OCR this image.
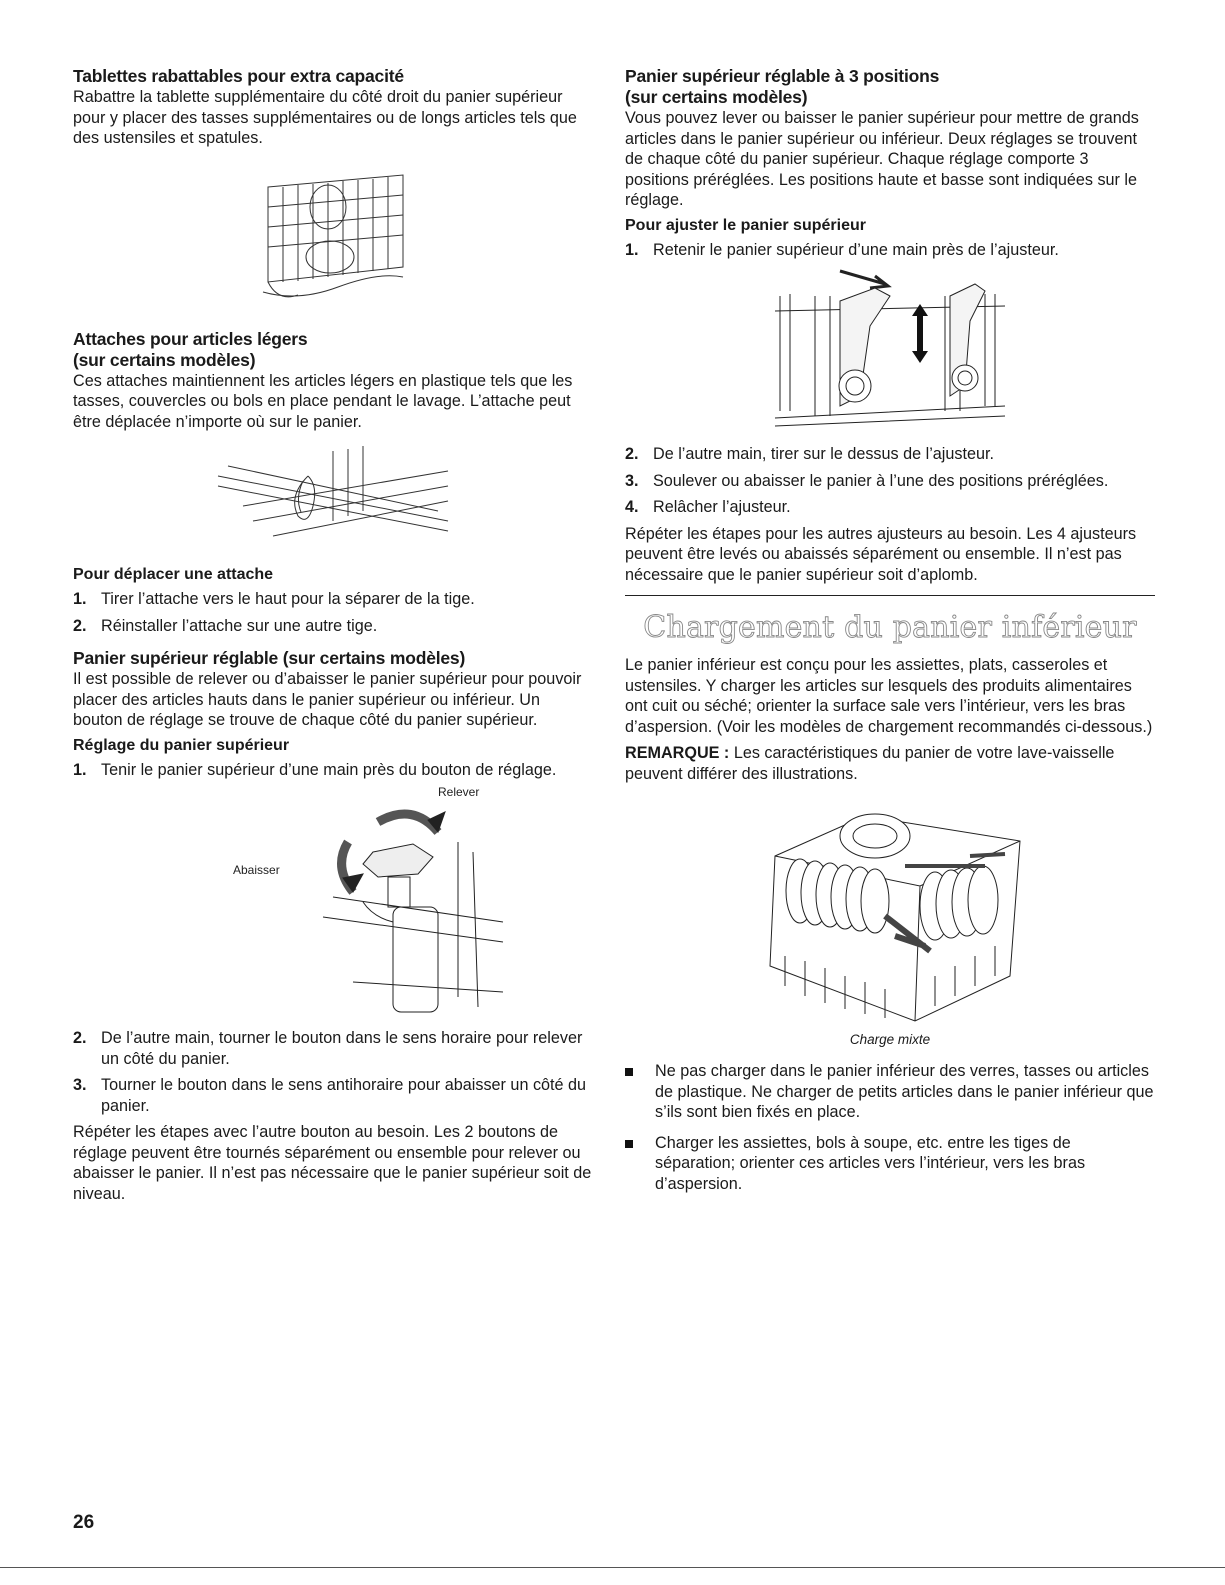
Tablettes rabattables pour extra capacité

Rabattre la tablette supplémentaire du côté droit du panier supérieur pour y placer des tasses supplémentaires ou de longs articles tels que des ustensiles et spatules.

Attaches pour articles légers
(sur certains modèles)

Ces attaches maintiennent les articles légers en plastique tels que les tasses, couvercles ou bols en place pendant le lavage. L’attache peut être déplacée n’importe où sur le panier.

Pour déplacer une attache
1. Tirer l’attache vers le haut pour la séparer de la tige.
2. Réinstaller l’attache sur une autre tige.
Panier supérieur réglable (sur certains modèles)

Il est possible de relever ou d’abaisser le panier supérieur pour pouvoir placer des articles hauts dans le panier supérieur ou inférieur. Un bouton de réglage se trouve de chaque côté du panier supérieur.

Réglage du panier supérieur
1. Tenir le panier supérieur d’une main près du bouton de réglage.
Relever
Abaisser
2. De l’autre main, tourner le bouton dans le sens horaire pour relever un côté du panier.
3. Tourner le bouton dans le sens antihoraire pour abaisser un côté du panier.

Répéter les étapes avec l’autre bouton au besoin. Les 2 boutons de réglage peuvent être tournés séparément ou ensemble pour relever ou abaisser le panier. Il n’est pas nécessaire que le panier supérieur soit de niveau.

Panier supérieur réglable à 3 positions
(sur certains modèles)

Vous pouvez lever ou baisser le panier supérieur pour mettre de grands articles dans le panier supérieur ou inférieur. Deux réglages se trouvent de chaque côté du panier supérieur. Chaque réglage comporte 3 positions préréglées. Les positions haute et basse sont indiquées sur le réglage.

Pour ajuster le panier supérieur
1. Retenir le panier supérieur d’une main près de l’ajusteur.
2. De l’autre main, tirer sur le dessus de l’ajusteur.
3. Soulever ou abaisser le panier à l’une des positions préréglées.
4. Relâcher l’ajusteur.

Répéter les étapes pour les autres ajusteurs au besoin. Les 4 ajusteurs peuvent être levés ou abaissés séparément ou ensemble. Il n’est pas nécessaire que le panier supérieur soit d’aplomb.

Chargement du panier inférieur

Le panier inférieur est conçu pour les assiettes, plats, casseroles et ustensiles. Y charger les articles sur lesquels des produits alimentaires ont cuit ou séché; orienter la surface sale vers l’intérieur, vers les bras d’aspersion. (Voir les modèles de chargement recommandés ci-dessous.)

REMARQUE : Les caractéristiques du panier de votre lave-vaisselle peuvent différer des illustrations.

Charge mixte
Ne pas charger dans le panier inférieur des verres, tasses ou articles de plastique. Ne charger de petits articles dans le panier inférieur que s’ils sont bien fixés en place.
Charger les assiettes, bols à soupe, etc. entre les tiges de séparation; orienter ces articles vers l’intérieur, vers les bras d’aspersion.
26
